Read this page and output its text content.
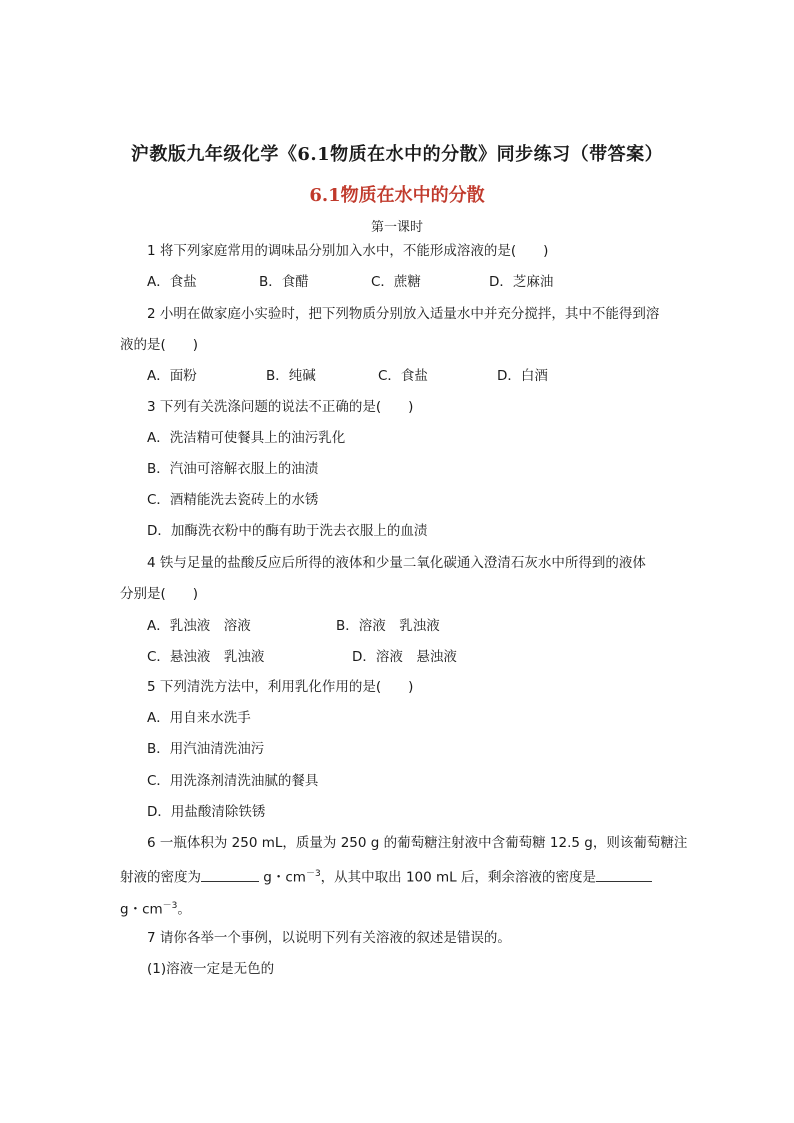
沪教版九年级化学《6.1物质在水中的分散》同步练习（带答案）
6.1物质在水中的分散
第一课时
1 将下列家庭常用的调味品分别加入水中，不能形成溶液的是(　　)
A．食盐	B．食醋	C．蔗糖	D．芝麻油
2 小明在做家庭小实验时，把下列物质分别放入适量水中并充分搅拌，其中不能得到溶
液的是(　　)
A．面粉	B．纯碱	C．食盐	D．白酒
3 下列有关洗涤问题的说法不正确的是(　　)
A．洗洁精可使餐具上的油污乳化
B．汽油可溶解衣服上的油渍
C．酒精能洗去瓷砖上的水锈
D．加酶洗衣粉中的酶有助于洗去衣服上的血渍
4 铁与足量的盐酸反应后所得的液体和少量二氧化碳通入澄清石灰水中所得到的液体
分别是(　　)
A．乳浊液　溶液	B．溶液　乳浊液
C．悬浊液　乳浊液	D．溶液　悬浊液
5 下列清洗方法中，利用乳化作用的是(　　)
A．用自来水洗手
B．用汽油清洗油污
C．用洗涤剂清洗油腻的餐具
D．用盐酸清除铁锈
6 一瓶体积为 250 mL，质量为 250 g 的葡萄糖注射液中含葡萄糖 12.5 g，则该葡萄糖注
射液的密度为	g・$cm^{-3}$，从其中取出 100 mL 后，剩余溶液的密度是
g・$cm^{-3}$。
7 请你各举一个事例，以说明下列有关溶液的叙述是错误的。
(1)溶液一定是无色的
